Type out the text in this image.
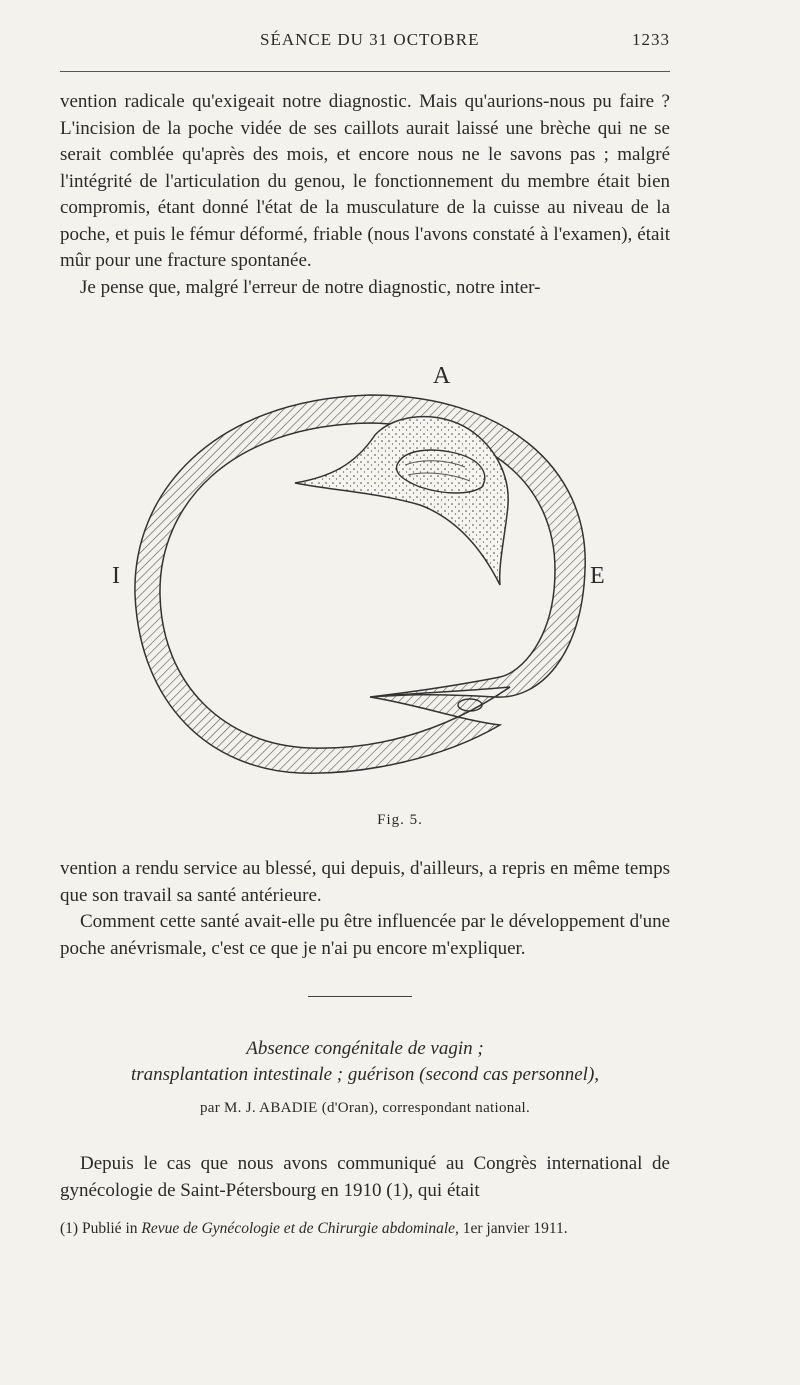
SÉANCE DU 31 OCTOBRE	1233

vention radicale qu'exigeait notre diagnostic. Mais qu'aurions-nous pu faire ? L'incision de la poche vidée de ses caillots aurait laissé une brèche qui ne se serait comblée qu'après des mois, et encore nous ne le savons pas ; malgré l'intégrité de l'articulation du genou, le fonctionnement du membre était bien compromis, étant donné l'état de la musculature de la cuisse au niveau de la poche, et puis le fémur déformé, friable (nous l'avons constaté à l'examen), était mûr pour une fracture spontanée.

Je pense que, malgré l'erreur de notre diagnostic, notre inter-

A
I	E
Fig. 5.

vention a rendu service au blessé, qui depuis, d'ailleurs, a repris en même temps que son travail sa santé antérieure.

Comment cette santé avait-elle pu être influencée par le développement d'une poche anévrismale, c'est ce que je n'ai pu encore m'expliquer.

Absence congénitale de vagin ;
transplantation intestinale ; guérison (second cas personnel),
par M. J. ABADIE (d'Oran), correspondant national.

Depuis le cas que nous avons communiqué au Congrès international de gynécologie de Saint-Pétersbourg en 1910 (1), qui était

(1) Publié in Revue de Gynécologie et de Chirurgie abdominale, 1er janvier 1911.
